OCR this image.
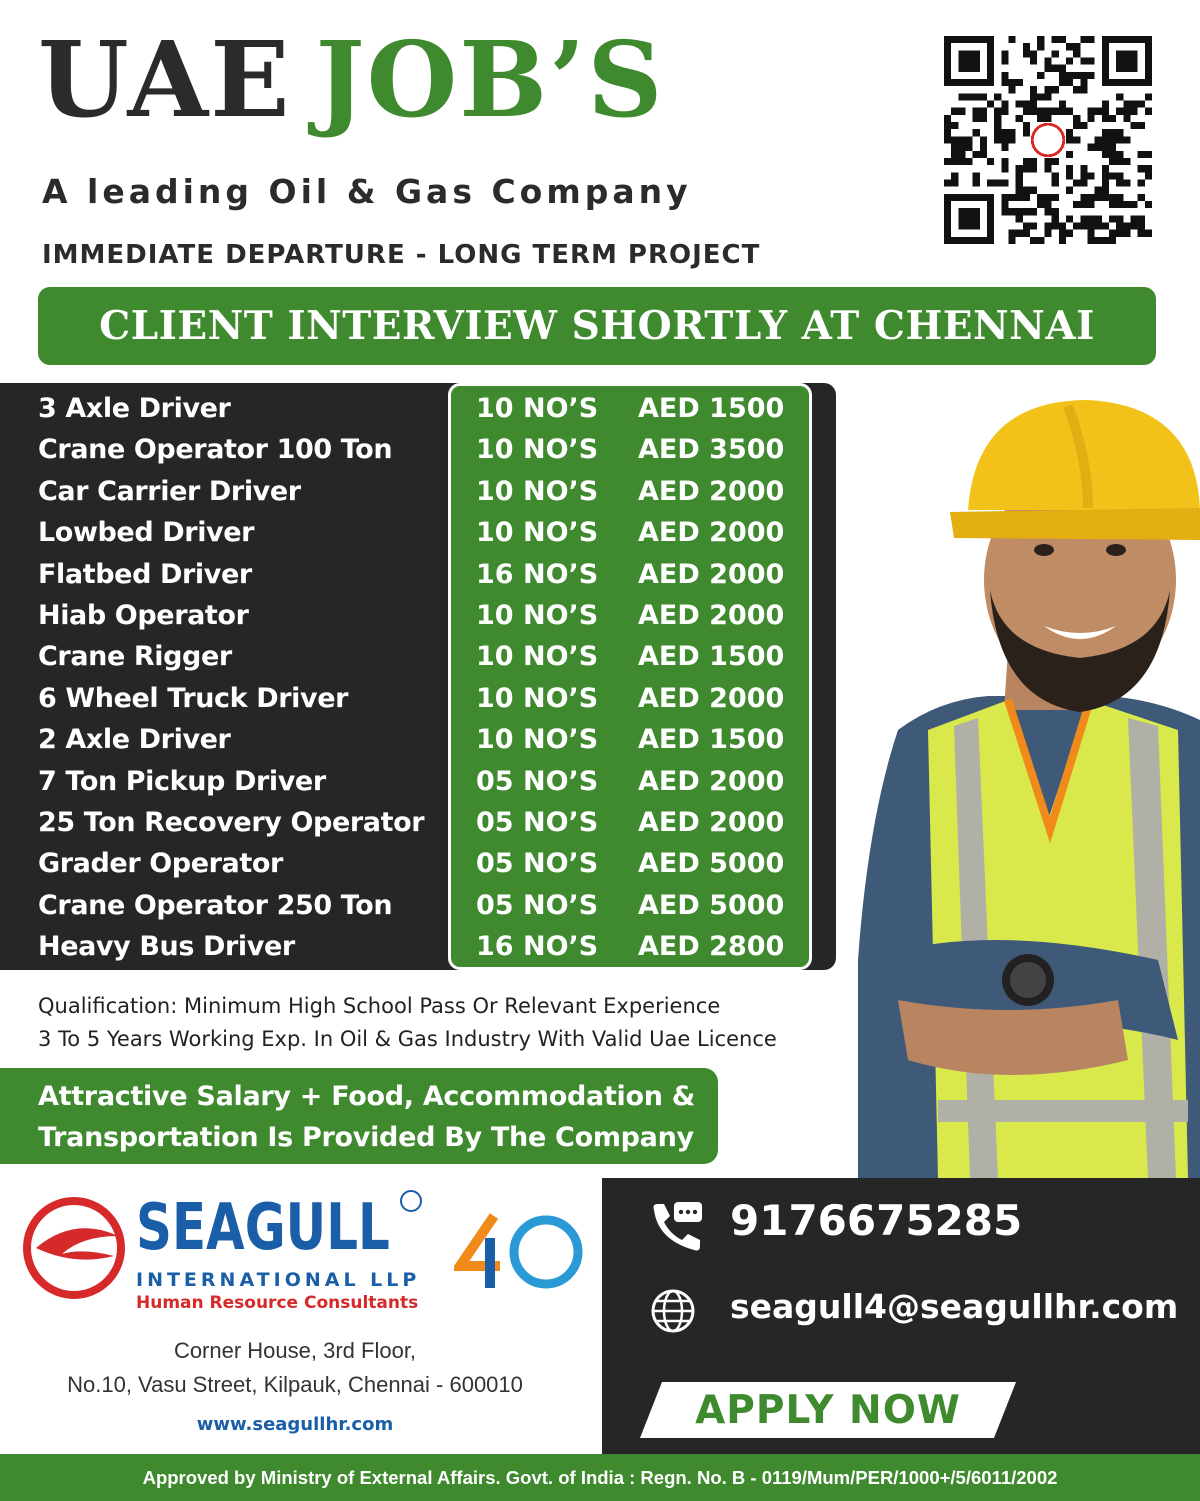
UAE JOB’S
A leading Oil & Gas Company
IMMEDIATE DEPARTURE - LONG TERM PROJECT
CLIENT INTERVIEW SHORTLY AT CHENNAI
3 Axle Driver	10 NO’S AED 1500
Crane Operator 100 Ton	10 NO’S AED 3500
Car Carrier Driver	10 NO’S AED 2000
Lowbed Driver	10 NO’S AED 2000
Flatbed Driver	16 NO’S AED 2000
Hiab Operator	10 NO’S AED 2000
Crane Rigger	10 NO’S AED 1500
6 Wheel Truck Driver	10 NO’S AED 2000
2 Axle Driver	10 NO’S AED 1500
7 Ton Pickup Driver	05 NO’S AED 2000
25 Ton Recovery Operator 05 NO’S AED 2000
Grader Operator	05 NO’S AED 5000
Crane Operator 250 Ton	05 NO’S AED 5000
Heavy Bus Driver	16 NO’S AED 2800
Qualification: Minimum High School Pass Or Relevant Experience
3 To 5 Years Working Exp. In Oil & Gas Industry With Valid Uae Licence
Attractive Salary + Food, Accommodation &
Transportation Is Provided By The Company
SEAGULL
INTERNATIONAL LLP
Human Resource Consultants
Corner House, 3rd Floor,
No.10, Vasu Street, Kilpauk, Chennai - 600010
www.seagullhr.com
9176675285
seagull4@seagullhr.com
APPLY NOW
Approved by Ministry of External Affairs. Govt. of India : Regn. No. B - 0119/Mum/PER/1000+/5/6011/2002
